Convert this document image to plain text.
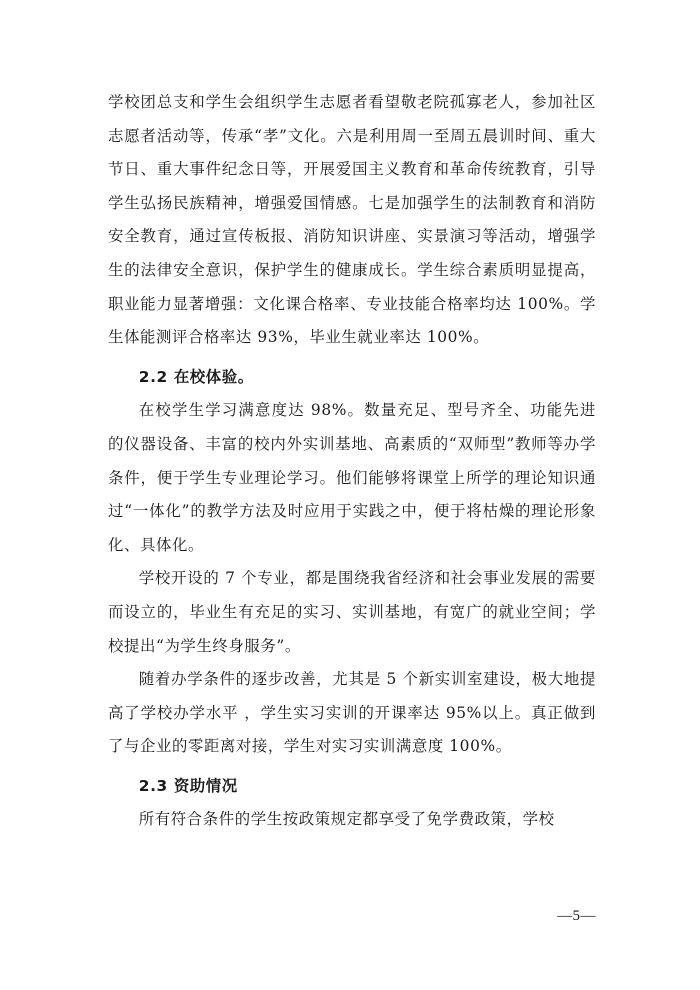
学校团总支和学生会组织学生志愿者看望敬老院孤寡老人，参加社区志愿者活动等，传承“孝”文化。六是利用周一至周五晨训时间、重大节日、重大事件纪念日等，开展爱国主义教育和革命传统教育，引导学生弘扬民族精神，增强爱国情感。七是加强学生的法制教育和消防安全教育，通过宣传板报、消防知识讲座、实景演习等活动，增强学生的法律安全意识，保护学生的健康成长。学生综合素质明显提高，职业能力显著增强：文化课合格率、专业技能合格率均达 100%。学生体能测评合格率达 93%，毕业生就业率达 100%。

2.2 在校体验。

在校学生学习满意度达 98%。数量充足、型号齐全、功能先进的仪器设备、丰富的校内外实训基地、高素质的“双师型”教师等办学条件，便于学生专业理论学习。他们能够将课堂上所学的理论知识通过“一体化”的教学方法及时应用于实践之中，便于将枯燥的理论形象化、具体化。

学校开设的 7 个专业，都是围绕我省经济和社会事业发展的需要而设立的，毕业生有充足的实习、实训基地，有宽广的就业空间；学校提出“为学生终身服务”。

随着办学条件的逐步改善，尤其是 5 个新实训室建设，极大地提高了学校办学水平 ，学生实习实训的开课率达 95%以上。真正做到了与企业的零距离对接，学生对实习实训满意度 100%。

2.3 资助情况

所有符合条件的学生按政策规定都享受了免学费政策，学校

—5—
